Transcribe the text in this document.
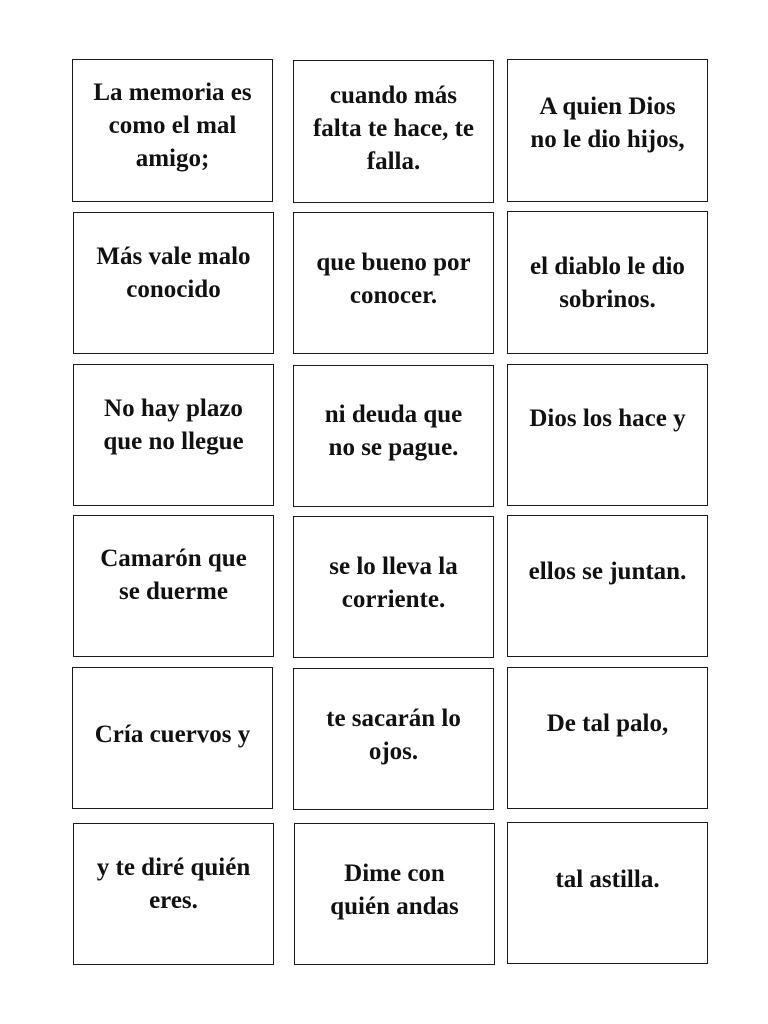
La memoria es
como el mal
amigo;
cuando más
falta te hace, te
falla.
A quien Dios
no le dio hijos,
Más vale malo
conocido
que bueno por
conocer.
el diablo le dio
sobrinos.
No hay plazo
que no llegue
ni deuda que
no se pague.
Dios los hace y
Camarón que
se duerme
se lo lleva la
corriente.
ellos se juntan.
Cría cuervos y
te sacarán lo
ojos.
De tal palo,
y te diré quién
eres.
Dime con
quién andas
tal astilla.
